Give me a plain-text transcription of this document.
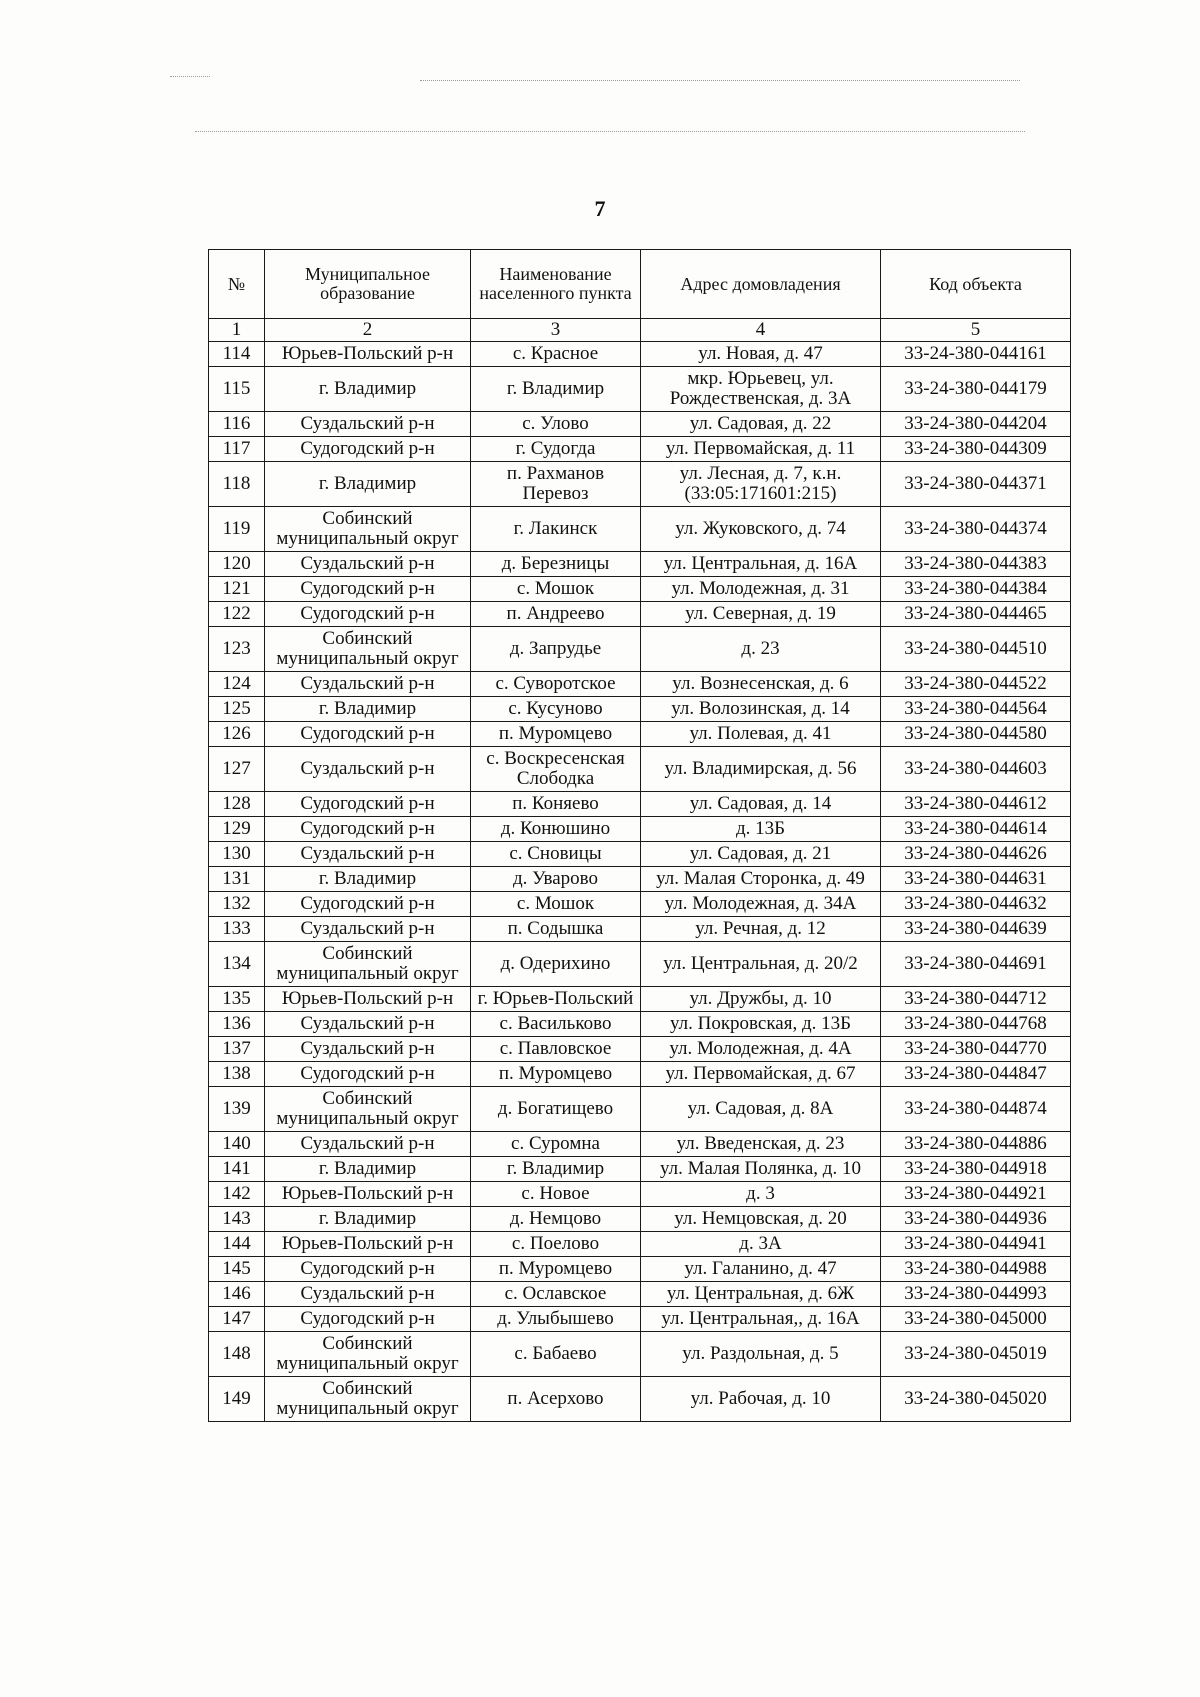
7
№	Муниципальное образование	Наименование населенного пункта	Адрес домовладения	Код объекта
1	2	3	4	5
114	Юрьев-Польский р-н	с. Красное	ул. Новая, д. 47	33-24-380-044161
115	г. Владимир	г. Владимир	мкр. Юрьевец, ул. Рождественская, д. 3А	33-24-380-044179
116	Суздальский р-н	с. Улово	ул. Садовая, д. 22	33-24-380-044204
117	Судогодский р-н	г. Судогда	ул. Первомайская, д. 11	33-24-380-044309
118	г. Владимир	п. Рахманов Перевоз	ул. Лесная, д. 7, к.н. (33:05:171601:215)	33-24-380-044371
119	Собинский муниципальный округ	г. Лакинск	ул. Жуковского, д. 74	33-24-380-044374
120	Суздальский р-н	д. Березницы	ул. Центральная, д. 16А	33-24-380-044383
121	Судогодский р-н	с. Мошок	ул. Молодежная, д. 31	33-24-380-044384
122	Судогодский р-н	п. Андреево	ул. Северная, д. 19	33-24-380-044465
123	Собинский муниципальный округ	д. Запрудье	д. 23	33-24-380-044510
124	Суздальский р-н	с. Суворотское	ул. Вознесенская, д. 6	33-24-380-044522
125	г. Владимир	с. Кусуново	ул. Волозинская, д. 14	33-24-380-044564
126	Судогодский р-н	п. Муромцево	ул. Полевая, д. 41	33-24-380-044580
127	Суздальский р-н	с. Воскресенская Слободка	ул. Владимирская, д. 56	33-24-380-044603
128	Судогодский р-н	п. Коняево	ул. Садовая, д. 14	33-24-380-044612
129	Судогодский р-н	д. Конюшино	д. 13Б	33-24-380-044614
130	Суздальский р-н	с. Сновицы	ул. Садовая, д. 21	33-24-380-044626
131	г. Владимир	д. Уварово	ул. Малая Сторонка, д. 49	33-24-380-044631
132	Судогодский р-н	с. Мошок	ул. Молодежная, д. 34А	33-24-380-044632
133	Суздальский р-н	п. Содышка	ул. Речная, д. 12	33-24-380-044639
134	Собинский муниципальный округ	д. Одерихино	ул. Центральная, д. 20/2	33-24-380-044691
135	Юрьев-Польский р-н	г. Юрьев-Польский	ул. Дружбы, д. 10	33-24-380-044712
136	Суздальский р-н	с. Васильково	ул. Покровская, д. 13Б	33-24-380-044768
137	Суздальский р-н	с. Павловское	ул. Молодежная, д. 4А	33-24-380-044770
138	Судогодский р-н	п. Муромцево	ул. Первомайская, д. 67	33-24-380-044847
139	Собинский муниципальный округ	д. Богатищево	ул. Садовая, д. 8А	33-24-380-044874
140	Суздальский р-н	с. Суромна	ул. Введенская, д. 23	33-24-380-044886
141	г. Владимир	г. Владимир	ул. Малая Полянка, д. 10	33-24-380-044918
142	Юрьев-Польский р-н	с. Новое	д. 3	33-24-380-044921
143	г. Владимир	д. Немцово	ул. Немцовская, д. 20	33-24-380-044936
144	Юрьев-Польский р-н	с. Поелово	д. 3А	33-24-380-044941
145	Судогодский р-н	п. Муромцево	ул. Галанино, д. 47	33-24-380-044988
146	Суздальский р-н	с. Ославское	ул. Центральная, д. 6Ж	33-24-380-044993
147	Судогодский р-н	д. Улыбышево	ул. Центральная,, д. 16А	33-24-380-045000
148	Собинский муниципальный округ	с. Бабаево	ул. Раздольная, д. 5	33-24-380-045019
149	Собинский муниципальный округ	п. Асерхово	ул. Рабочая, д. 10	33-24-380-045020
